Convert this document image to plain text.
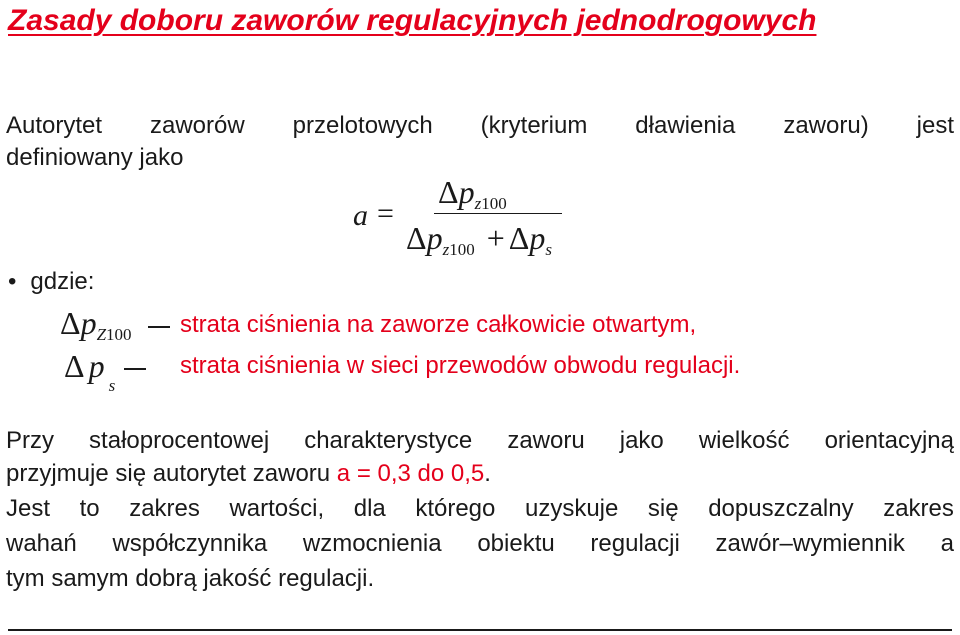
Zasady doboru zaworów regulacyjnych jednodrogowych
Autorytet zaworów przelotowych (kryterium dławienia zaworu) jest
definiowany jako
a =
Δpz100
Δpz100 + Δps
• gdzie:
ΔpZ100 strata ciśnienia na zaworze całkowicie otwartym,
Δ $p_s$
strata ciśnienia w sieci przewodów obwodu regulacji.
Przy stałoprocentowej charakterystyce zaworu jako wielkość orientacyjną
przyjmuje się autorytet zaworu a = 0,3 do 0,5.
Jest to zakres wartości, dla którego uzyskuje się dopuszczalny zakres
wahań współczynnika wzmocnienia obiektu regulacji zawór–wymiennik a
tym samym dobrą jakość regulacji.
